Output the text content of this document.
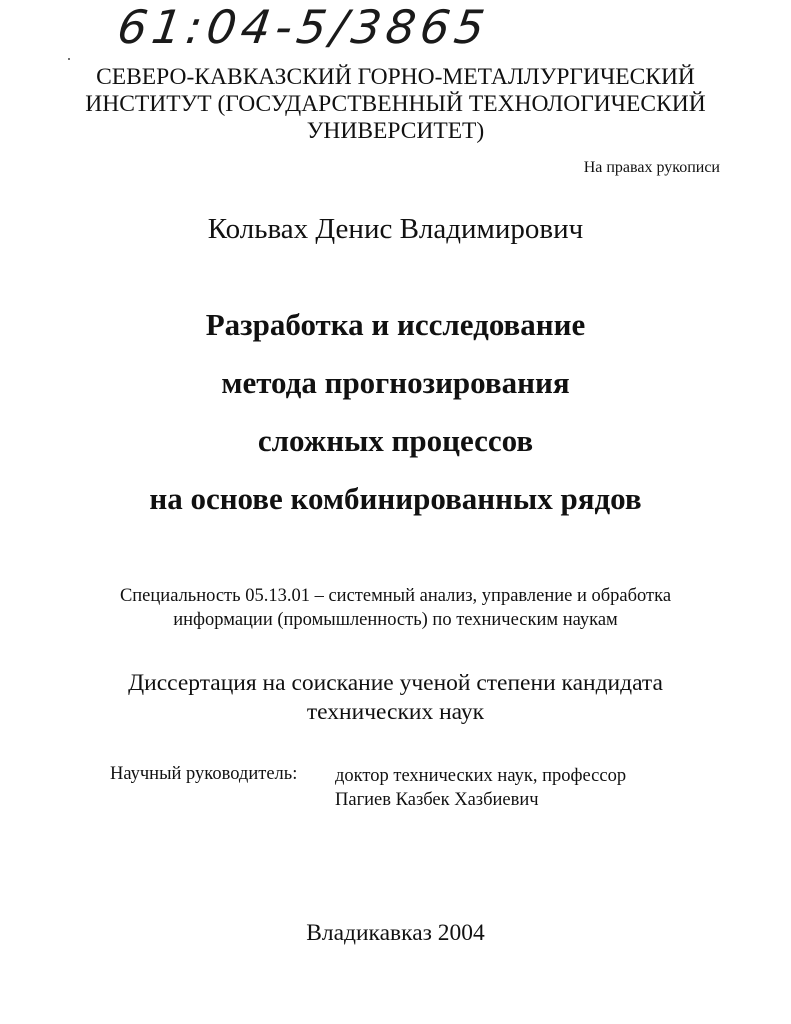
61:04-5/3865
СЕВЕРО-КАВКАЗСКИЙ ГОРНО-МЕТАЛЛУРГИЧЕСКИЙ
ИНСТИТУТ (ГОСУДАРСТВЕННЫЙ ТЕХНОЛОГИЧЕСКИЙ
УНИВЕРСИТЕТ)
На правах рукописи
Кольвах Денис Владимирович
Разработка и исследование
метода прогнозирования
сложных процессов
на основе комбинированных рядов
Специальность 05.13.01 – системный анализ, управление и обработка
информации (промышленность) по техническим наукам
Диссертация на соискание ученой степени кандидата
технических наук
Научный руководитель: доктор технических наук, профессор
Пагиев Казбек Хазбиевич
Владикавказ 2004
